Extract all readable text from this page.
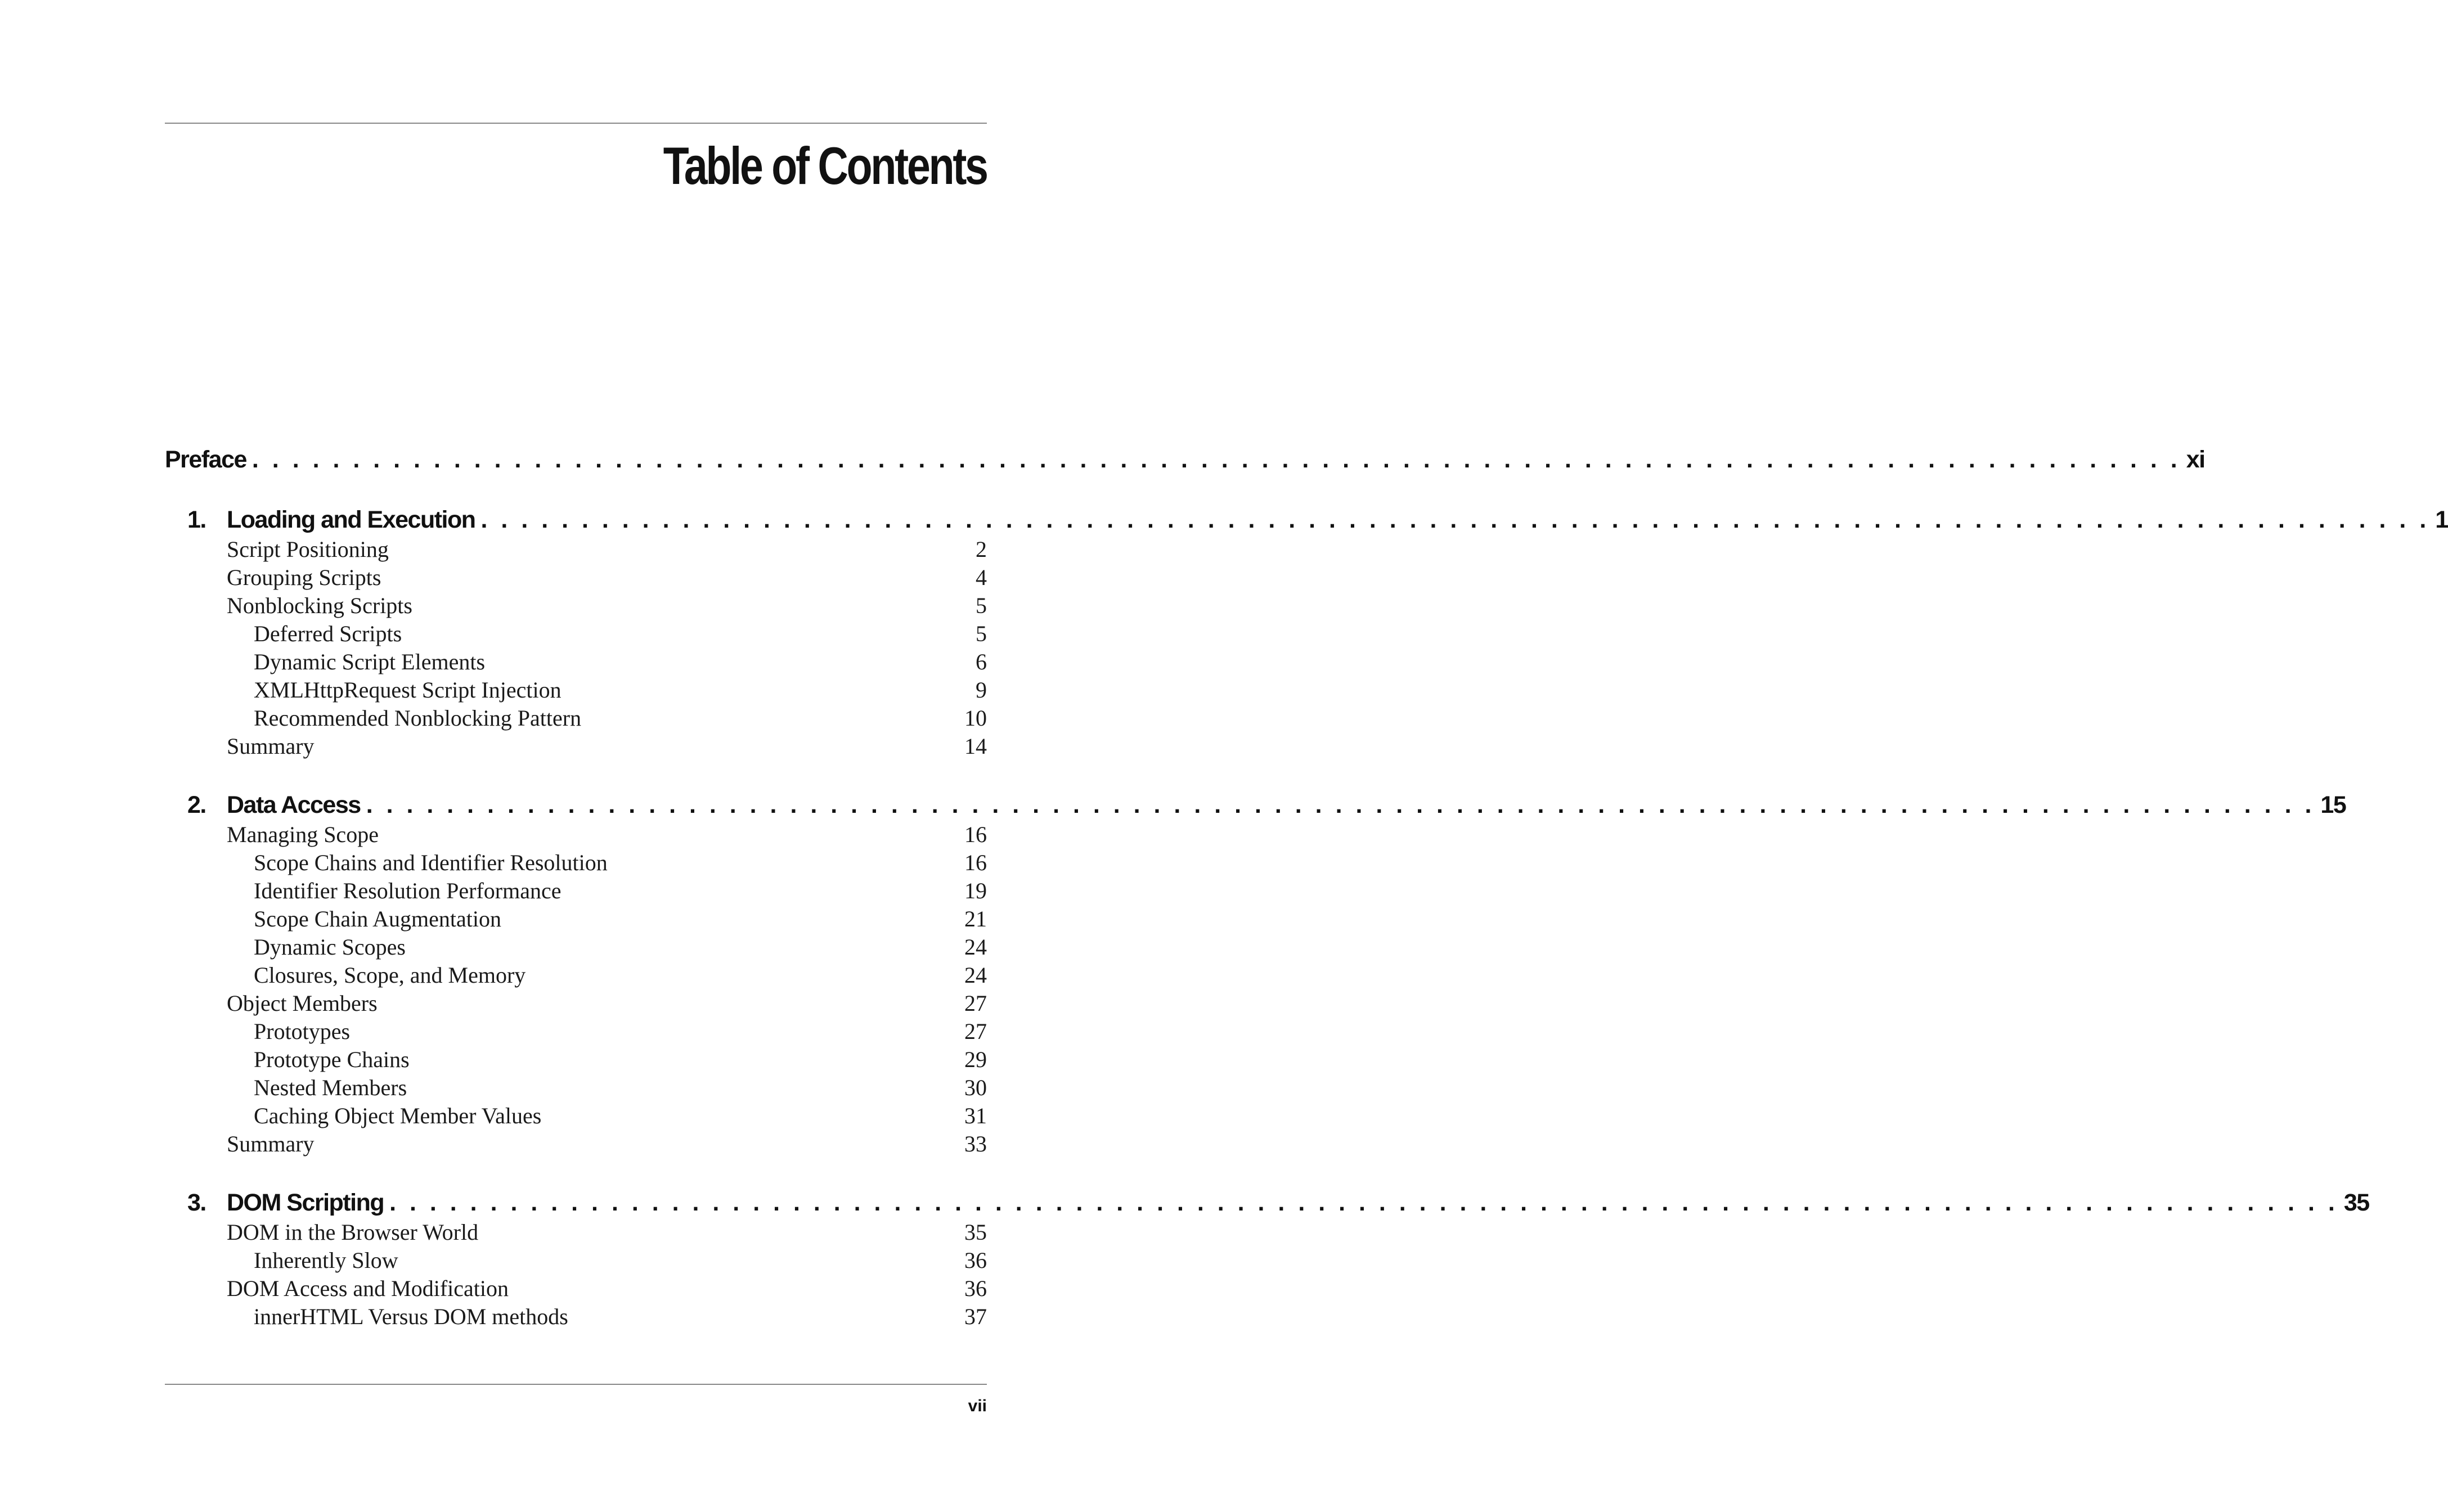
Table of Contents
Preface . . . . . . . . . . . . . . . . . . . . . . . . . . . . . . . . . . . . . . . . . . . . . . . . . . . . . . . . . . . . . . . . . . . . . . . . . . . . . . . . . . . . . . . . . . . . . . . . xi
1. Loading and Execution . . . . . . . . . . . . . . . . . . . . . . . . . . . . . . . . . . . . . . . . . . . . . . . . . . . . . . . . . . . . . . . . . . . . . . . . . . . . . . . . . . . . . . . . . . . . . . . . . 1
Script Positioning	2
Grouping Scripts	4
Nonblocking Scripts	5
Deferred Scripts	5
Dynamic Script Elements	6
XMLHttpRequest Script Injection	9
Recommended Nonblocking Pattern	10
Summary	14
2. Data Access . . . . . . . . . . . . . . . . . . . . . . . . . . . . . . . . . . . . . . . . . . . . . . . . . . . . . . . . . . . . . . . . . . . . . . . . . . . . . . . . . . . . . . . . . . . . . . . . . 15
Managing Scope	16
Scope Chains and Identifier Resolution	16
Identifier Resolution Performance	19
Scope Chain Augmentation	21
Dynamic Scopes	24
Closures, Scope, and Memory	24
Object Members	27
Prototypes	27
Prototype Chains	29
Nested Members	30
Caching Object Member Values	31
Summary	33
3. DOM Scripting . . . . . . . . . . . . . . . . . . . . . . . . . . . . . . . . . . . . . . . . . . . . . . . . . . . . . . . . . . . . . . . . . . . . . . . . . . . . . . . . . . . . . . . . . . . . . . . . . 35
DOM in the Browser World	35
Inherently Slow	36
DOM Access and Modification	36
innerHTML Versus DOM methods	37
vii
